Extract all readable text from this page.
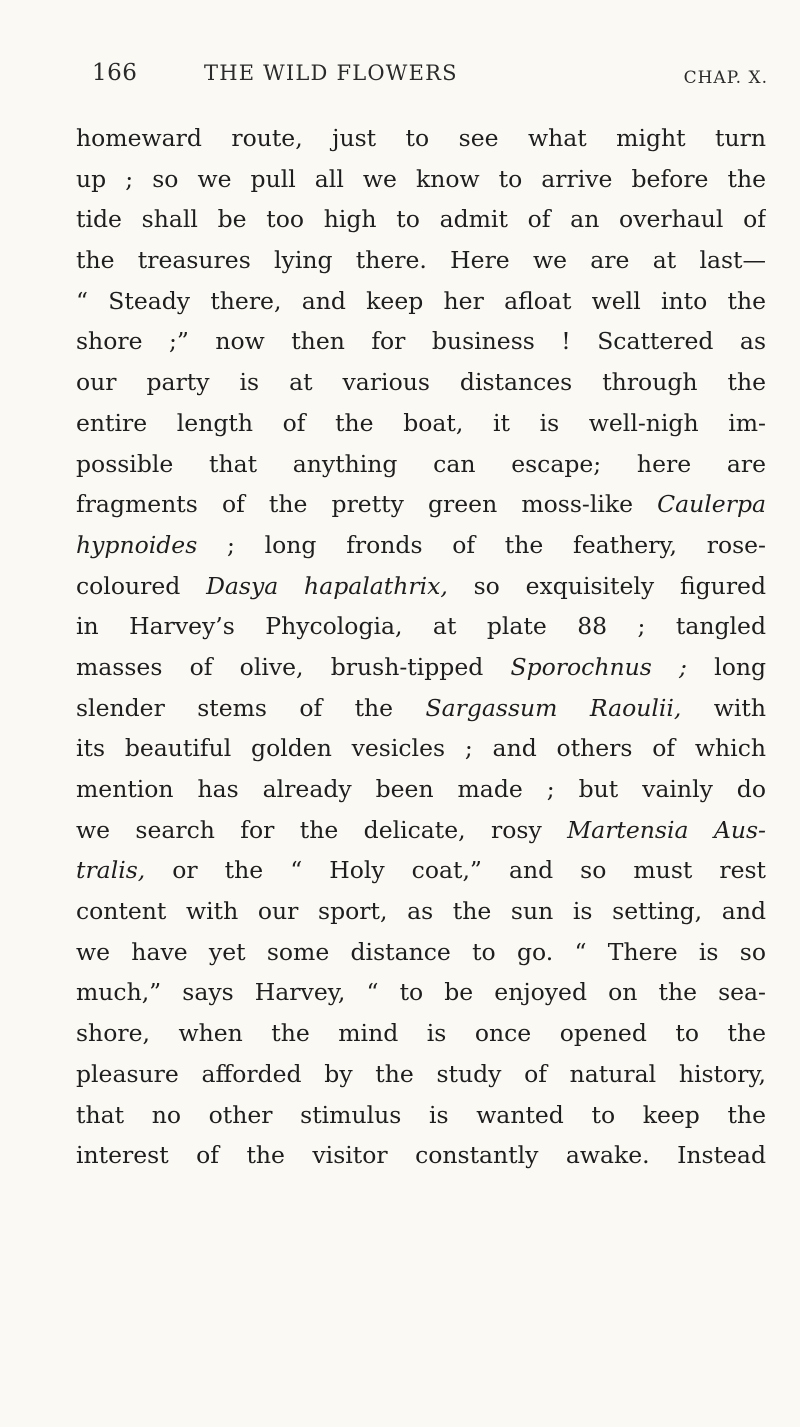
166	THE WILD FLOWERS	CHAP. X.
homeward route, just to see what might turn
up ; so we pull all we know to arrive before the
tide shall be too high to admit of an overhaul of
the treasures lying there. Here we are at last—
“ Steady there, and keep her afloat well into the
shore ;” now then for business ! Scattered as
our party is at various distances through the
entire length of the boat, it is well-nigh im-
possible that anything can escape; here are
fragments of the pretty green moss-like Caulerpa
hypnoides ; long fronds of the feathery, rose-
coloured Dasya hapalathrix, so exquisitely figured
in Harvey’s Phycologia, at plate 88 ; tangled
masses of olive, brush-tipped Sporochnus ; long
slender stems of the Sargassum Raoulii, with
its beautiful golden vesicles ; and others of which
mention has already been made ; but vainly do
we search for the delicate, rosy Martensia Aus-
tralis, or the “ Holy coat,” and so must rest
content with our sport, as the sun is setting, and
we have yet some distance to go. “ There is so
much,” says Harvey, “ to be enjoyed on the sea-
shore, when the mind is once opened to the
pleasure afforded by the study of natural history,
that no other stimulus is wanted to keep the
interest of the visitor constantly awake. Instead
